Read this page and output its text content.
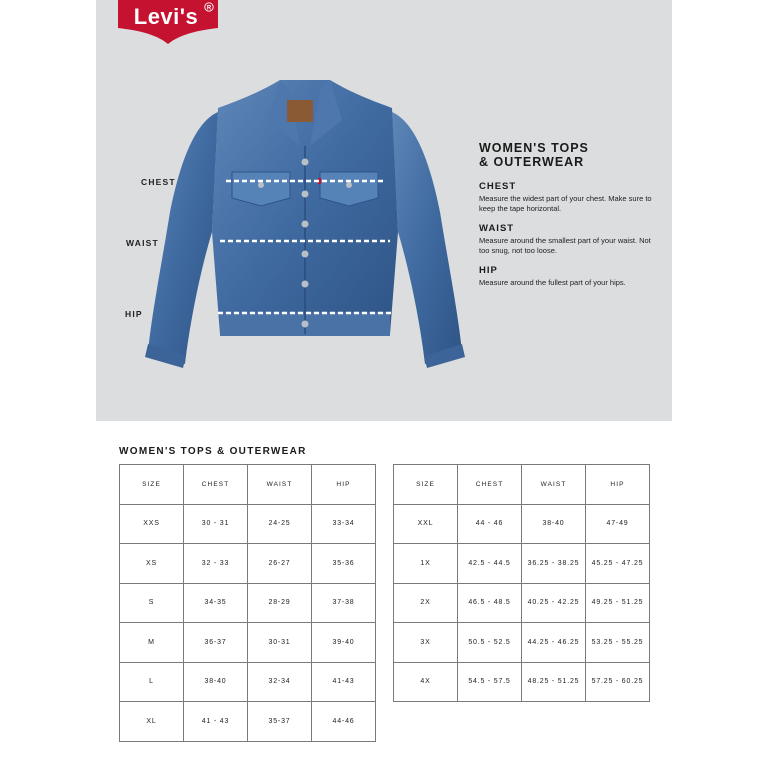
Levi's R
CHEST
WAIST
HIP
WOMEN'S TOPS
& OUTERWEAR
CHEST
Measure the widest part of your chest. Make sure to keep the tape horizontal.
WAIST
Measure around the smallest part of your waist. Not too snug, not too loose.
HIP
Measure around the fullest part of your hips.
WOMEN'S TOPS & OUTERWEAR
SIZE	CHEST	WAIST	HIP
XXS	30 - 31	24-25	33-34
XS	32 - 33	26-27	35-36
S	34-35	28-29	37-38
M	36-37	30-31	39-40
L	38-40	32-34	41-43
XL	41 - 43	35-37	44-46
SIZE	CHEST	WAIST	HIP
XXL	44 - 46	38-40	47-49
1X	42.5 - 44.5	36.25 - 38.25	45.25 - 47.25
2X	46.5 - 48.5	40.25 - 42.25	49.25 - 51.25
3X	50.5 - 52.5	44.25 - 46.25	53.25 - 55.25
4X	54.5 - 57.5	48.25 - 51.25	57.25 - 60.25
